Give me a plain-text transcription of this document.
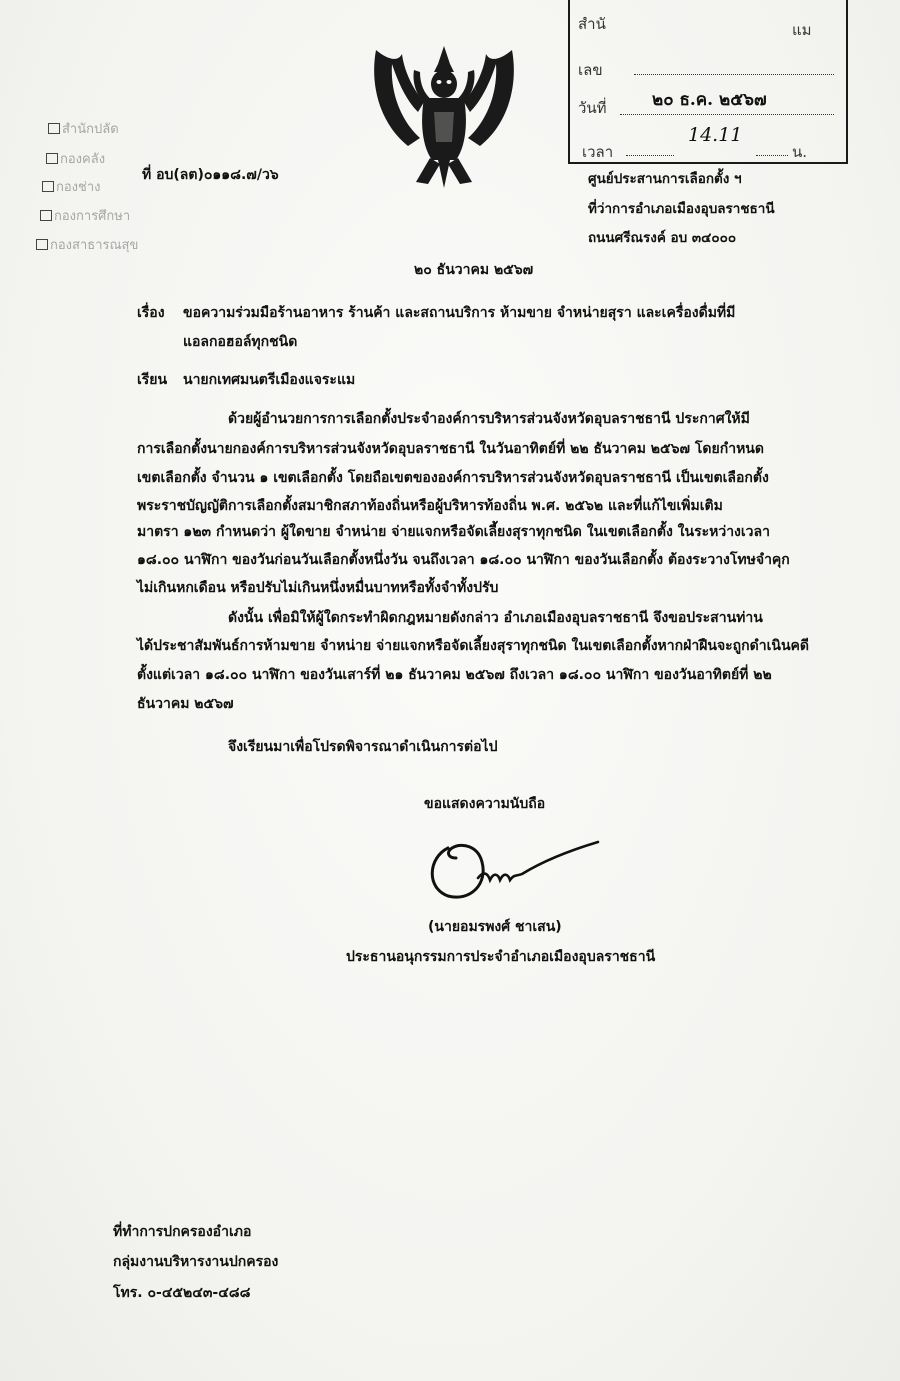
สำนั	แม
เลข
วันที่	๒๐ ธ.ค. ๒๕๖๗
เวลา
14.11
น.
สำนักปลัด
กองคลัง
กองช่าง
กองการศึกษา
กองสาธารณสุข
ที่ อบ(ลต)๐๑๑๘.๗/ว๖	ศูนย์ประสานการเลือกตั้ง ฯ
ที่ว่าการอำเภอเมืองอุบลราชธานี
ถนนศรีณรงค์ อบ ๓๔๐๐๐
๒๐ ธันวาคม ๒๕๖๗
เรื่อง ขอความร่วมมือร้านอาหาร ร้านค้า และสถานบริการ ห้ามขาย จำหน่ายสุรา และเครื่องดื่มที่มี
แอลกอฮอล์ทุกชนิด
เรียน นายกเทศมนตรีเมืองแจระแม
ด้วยผู้อำนวยการการเลือกตั้งประจำองค์การบริหารส่วนจังหวัดอุบลราชธานี ประกาศให้มี
การเลือกตั้งนายกองค์การบริหารส่วนจังหวัดอุบลราชธานี ในวันอาทิตย์ที่ ๒๒ ธันวาคม ๒๕๖๗ โดยกำหนด
เขตเลือกตั้ง จำนวน ๑ เขตเลือกตั้ง โดยถือเขตขององค์การบริหารส่วนจังหวัดอุบลราชธานี เป็นเขตเลือกตั้ง
พระราชบัญญัติการเลือกตั้งสมาชิกสภาท้องถิ่นหรือผู้บริหารท้องถิ่น พ.ศ. ๒๕๖๒ และที่แก้ไขเพิ่มเติม
มาตรา ๑๒๓ กำหนดว่า ผู้ใดขาย จำหน่าย จ่ายแจกหรือจัดเลี้ยงสุราทุกชนิด ในเขตเลือกตั้ง ในระหว่างเวลา
๑๘.๐๐ นาฬิกา ของวันก่อนวันเลือกตั้งหนึ่งวัน จนถึงเวลา ๑๘.๐๐ นาฬิกา ของวันเลือกตั้ง ต้องระวางโทษจำคุก
ไม่เกินหกเดือน หรือปรับไม่เกินหนึ่งหมื่นบาทหรือทั้งจำทั้งปรับ
ดังนั้น เพื่อมิให้ผู้ใดกระทำผิดกฎหมายดังกล่าว อำเภอเมืองอุบลราชธานี จึงขอประสานท่าน
ได้ประชาสัมพันธ์การห้ามขาย จำหน่าย จ่ายแจกหรือจัดเลี้ยงสุราทุกชนิด ในเขตเลือกตั้งหากฝ่าฝืนจะถูกดำเนินคดี
ตั้งแต่เวลา ๑๘.๐๐ นาฬิกา ของวันเสาร์ที่ ๒๑ ธันวาคม ๒๕๖๗ ถึงเวลา ๑๘.๐๐ นาฬิกา ของวันอาทิตย์ที่ ๒๒
ธันวาคม ๒๕๖๗
จึงเรียนมาเพื่อโปรดพิจารณาดำเนินการต่อไป
ขอแสดงความนับถือ
(นายอมรพงศ์ ชาเสน)
ประธานอนุกรรมการประจำอำเภอเมืองอุบลราชธานี
ที่ทำการปกครองอำเภอ
กลุ่มงานบริหารงานปกครอง
โทร. ๐-๔๕๒๔๓-๔๘๘
